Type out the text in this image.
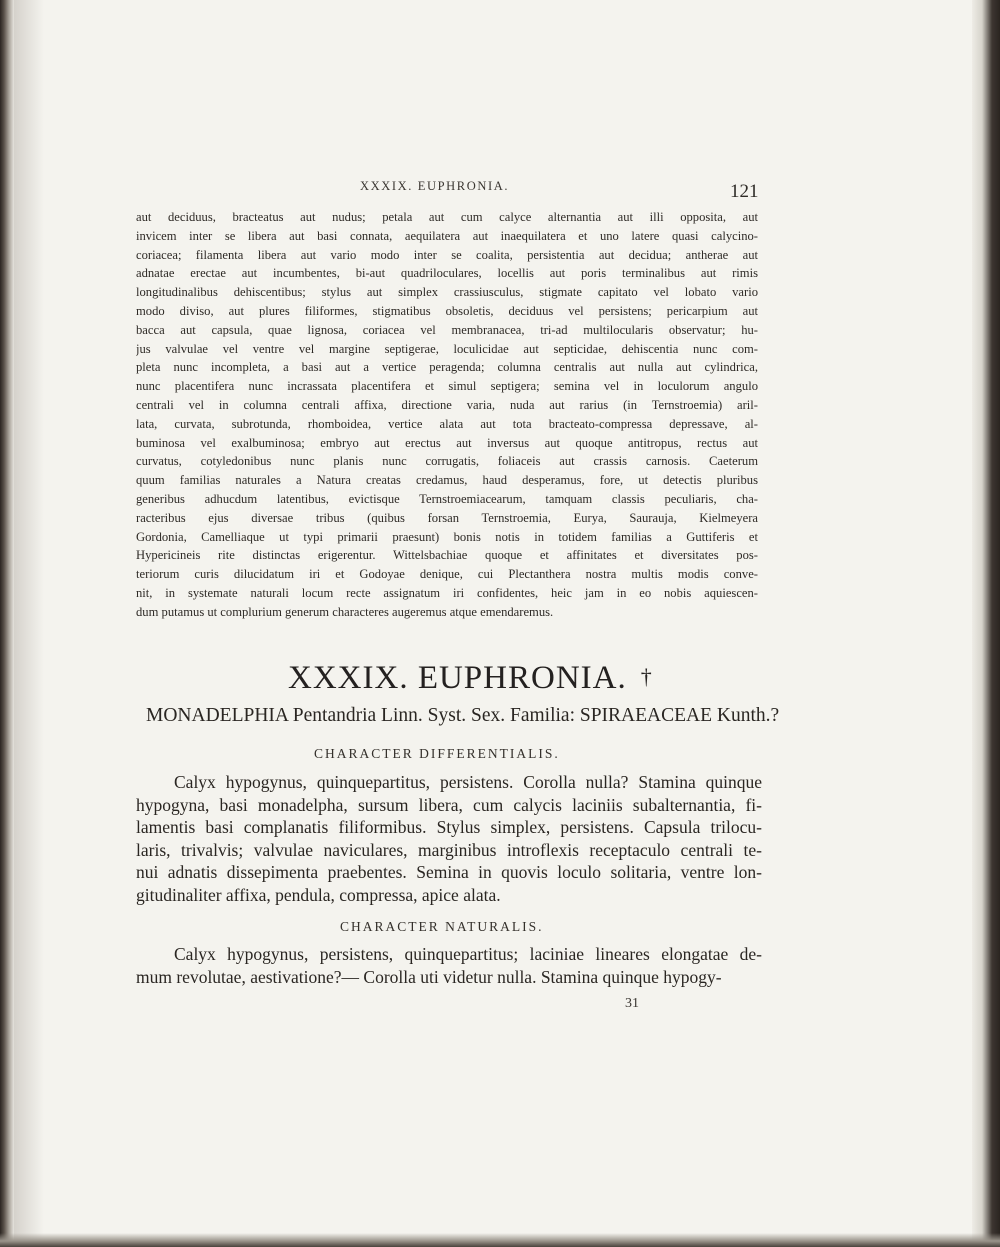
XXXIX. EUPHRONIA.	121
aut deciduus, bracteatus aut nudus; petala aut cum calyce alternantia aut illi opposita, aut
invicem inter se libera aut basi connata, aequilatera aut inaequilatera et uno latere quasi calycino-
coriacea; filamenta libera aut vario modo inter se coalita, persistentia aut decidua; antherae aut
adnatae erectae aut incumbentes, bi-aut quadriloculares, locellis aut poris terminalibus aut rimis
longitudinalibus dehiscentibus; stylus aut simplex crassiusculus, stigmate capitato vel lobato vario
modo diviso, aut plures filiformes, stigmatibus obsoletis, deciduus vel persistens; pericarpium aut
bacca aut capsula, quae lignosa, coriacea vel membranacea, tri-ad multilocularis observatur; hu-
jus valvulae vel ventre vel margine septigerae, loculicidae aut septicidae, dehiscentia nunc com-
pleta nunc incompleta, a basi aut a vertice peragenda; columna centralis aut nulla aut cylindrica,
nunc placentifera nunc incrassata placentifera et simul septigera; semina vel in loculorum angulo
centrali vel in columna centrali affixa, directione varia, nuda aut rarius (in Ternstroemia) aril-
lata, curvata, subrotunda, rhomboidea, vertice alata aut tota bracteato-compressa depressave, al-
buminosa vel exalbuminosa; embryo aut erectus aut inversus aut quoque antitropus, rectus aut
curvatus, cotyledonibus nunc planis nunc corrugatis, foliaceis aut crassis carnosis. Caeterum
quum familias naturales a Natura creatas credamus, haud desperamus, fore, ut detectis pluribus
generibus adhucdum latentibus, evictisque Ternstroemiacearum, tamquam classis peculiaris, cha-
racteribus ejus diversae tribus (quibus forsan Ternstroemia, Eurya, Saurauja, Kielmeyera
Gordonia, Camelliaque ut typi primarii praesunt) bonis notis in totidem familias a Guttiferis et
Hypericineis rite distinctas erigerentur. Wittelsbachiae quoque et affinitates et diversitates pos-
teriorum curis dilucidatum iri et Godoyae denique, cui Plectanthera nostra multis modis conve-
nit, in systemate naturali locum recte assignatum iri confidentes, heic jam in eo nobis aquiescen-
dum putamus ut complurium generum characteres augeremus atque emendaremus.
XXXIX. EUPHRONIA. †
MONADELPHIA Pentandria Linn. Syst. Sex. Familia: SPIRAEACEAE Kunth.?
CHARACTER DIFFERENTIALIS.
Calyx hypogynus, quinquepartitus, persistens. Corolla nulla? Stamina quinque
hypogyna, basi monadelpha, sursum libera, cum calycis laciniis subalternantia, fi-
lamentis basi complanatis filiformibus. Stylus simplex, persistens. Capsula trilocu-
laris, trivalvis; valvulae naviculares, marginibus introflexis receptaculo centrali te-
nui adnatis dissepimenta praebentes. Semina in quovis loculo solitaria, ventre lon-
gitudinaliter affixa, pendula, compressa, apice alata.
CHARACTER NATURALIS.
Calyx hypogynus, persistens, quinquepartitus; laciniae lineares elongatae de-
mum revolutae, aestivatione?— Corolla uti videtur nulla. Stamina quinque hypogy-
31
